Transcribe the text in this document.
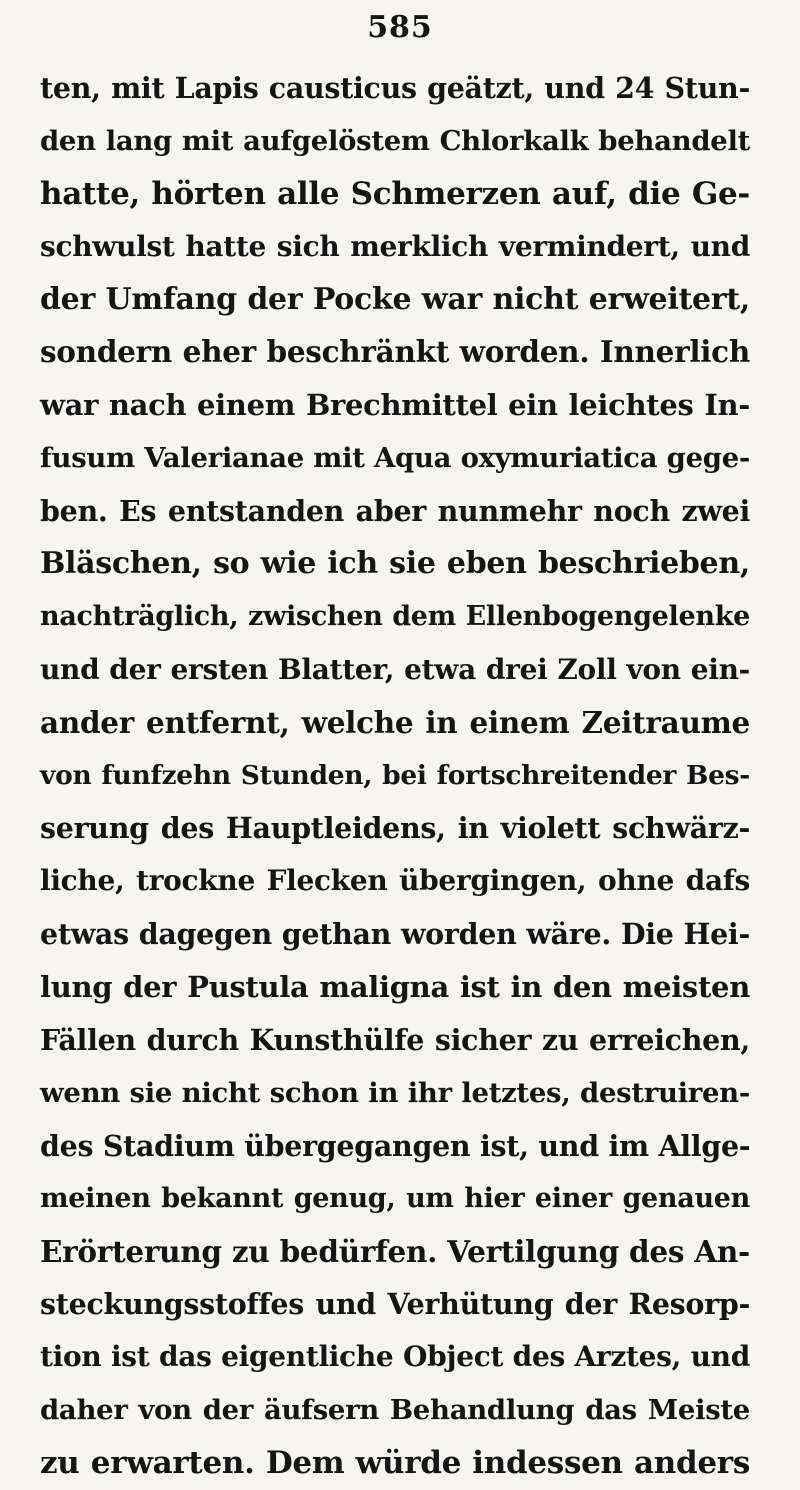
585
ten, mit Lapis causticus geätzt, und 24 Stun-
den lang mit aufgelöstem Chlorkalk behandelt
hatte, hörten alle Schmerzen auf, die Ge-
schwulst hatte sich merklich vermindert, und
der Umfang der Pocke war nicht erweitert,
sondern eher beschränkt worden. Innerlich
war nach einem Brechmittel ein leichtes In-
fusum Valerianae mit Aqua oxymuriatica gege-
ben. Es entstanden aber nunmehr noch zwei
Bläschen, so wie ich sie eben beschrieben,
nachträglich, zwischen dem Ellenbogengelenke
und der ersten Blatter, etwa drei Zoll von ein-
ander entfernt, welche in einem Zeitraume
von funfzehn Stunden, bei fortschreitender Bes-
serung des Hauptleidens, in violett schwärz-
liche, trockne Flecken übergingen, ohne dafs
etwas dagegen gethan worden wäre. Die Hei-
lung der Pustula maligna ist in den meisten
Fällen durch Kunsthülfe sicher zu erreichen,
wenn sie nicht schon in ihr letztes, destruiren-
des Stadium übergegangen ist, und im Allge-
meinen bekannt genug, um hier einer genauen
Erörterung zu bedürfen. Vertilgung des An-
steckungsstoffes und Verhütung der Resorp-
tion ist das eigentliche Object des Arztes, und
daher von der äufsern Behandlung das Meiste
zu erwarten. Dem würde indessen anders
